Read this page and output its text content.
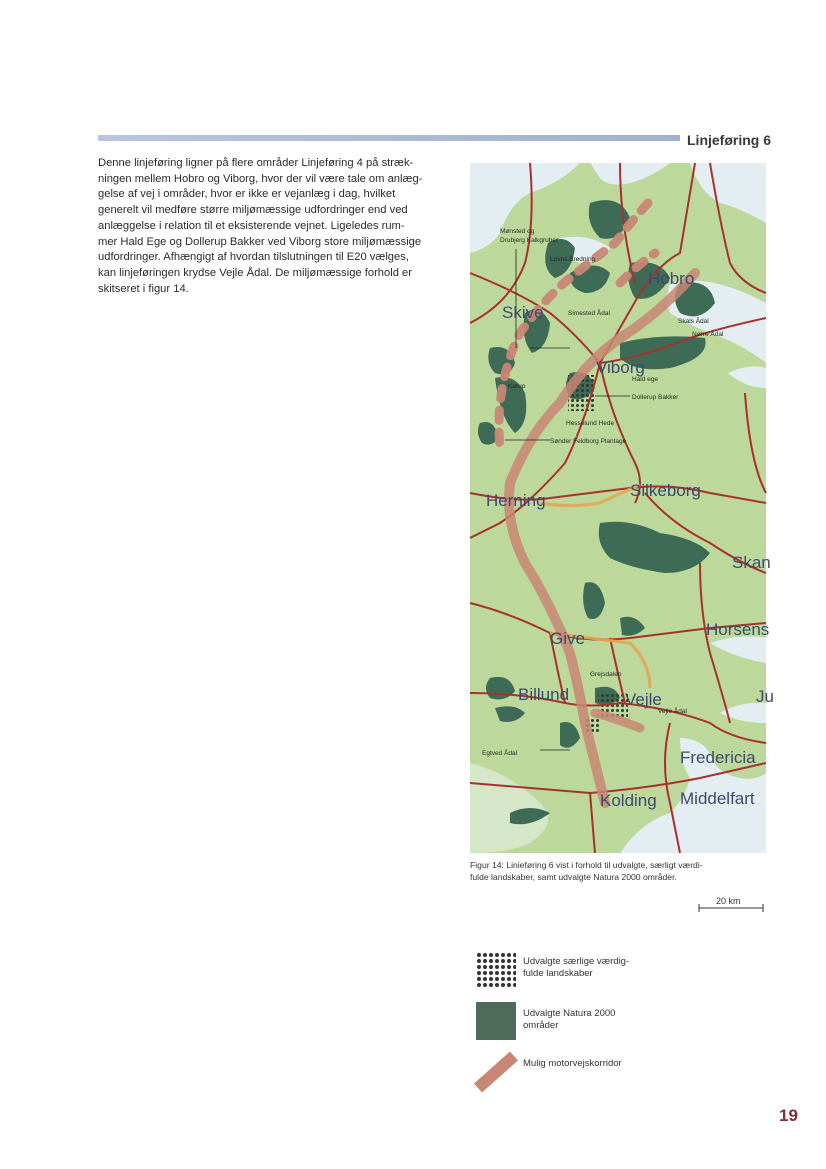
Linjeføring 6
Denne linjeføring ligner på flere områder Linjeføring 4 på stræk-
ningen mellem Hobro og Viborg, hvor der vil være tale om anlæg-
gelse af vej i områder, hvor er ikke er vejanlæg i dag, hvilket
generelt vil medføre større miljømæssige udfordringer end ved
anlæggelse i relation til et eksisterende vejnet. Ligeledes rum-
mer Hald Ege og Dollerup Bakker ved Viborg store miljømæssige
udfordringer. Afhængigt af hvordan tilslutningen til E20 vælges,
kan linjeføringen krydse Vejle Ådal. De miljømæssige forhold er
skitseret i figur 14.
Skive
Hobro
Viborg
Herning
Silkeborg
Skan
Horsens
Give
Billund	Vejle	Ju
Fredericia
Kolding Middelfart
Mønsted og
Drubjerg Kalkgruber
Lovns Bredning
Simested Ådal
Skals Ådal
Nørre Ådal
Hald ege
Dollerup Bakker
Karup
Hesselund Hede
Sønder Feldborg Plantage
Grejsdalen
Vejle Ådal
Egtved Ådal
Figur 14: Linieføring 6 vist i forhold til udvalgte, særligt værdi-
fulde landskaber, samt udvalgte Natura 2000 områder.
20 km
Udvalgte særlige værdig-
fulde landskaber
Udvalgte Natura 2000
områder
Mulig motorvejskorridor
19
